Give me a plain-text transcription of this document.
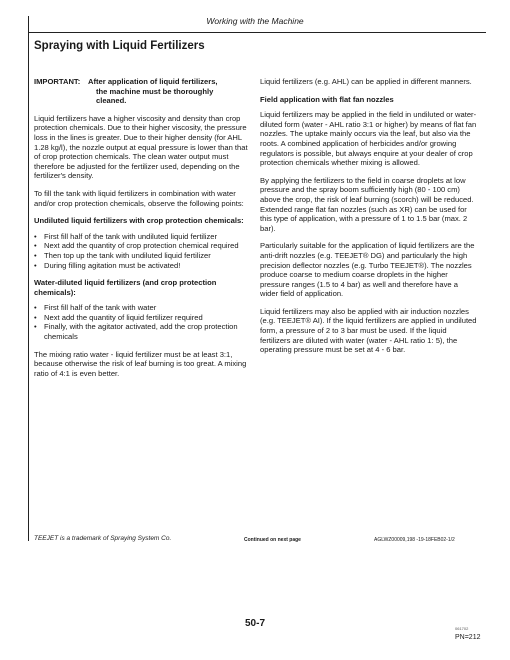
Working with the Machine
Spraying with Liquid Fertilizers
IMPORTANT:	After application of liquid fertilizers,
the machine must be thoroughly
cleaned.

Liquid fertilizers have a higher viscosity and density than crop protection chemicals. Due to their higher viscosity, the pressure loss in the lines is greater. Due to their higher density (for AHL 1.28 kg/l), the nozzle output at equal pressure is lower than that of crop protection chemicals. The clean water output must therefore be adjusted for the fertilizer used, depending on the fertilizer's density.

To fill the tank with liquid fertilizers in combination with water and/or crop protection chemicals, observe the following points:

Undiluted liquid fertilizers with crop protection chemicals:
• First fill half of the tank with undiluted liquid fertilizer
• Next add the quantity of crop protection chemical required
• Then top up the tank with undiluted liquid fertilizer
• During filling agitation must be activated!
Water-diluted liquid fertilizers (and crop protection chemicals):
• First fill half of the tank with water
• Next add the quantity of liquid fertilizer required
• Finally, with the agitator activated, add the crop protection chemicals

The mixing ratio water - liquid fertilizer must be at least 3:1, because otherwise the risk of leaf burning is too great. A mixing ratio of 4:1 is even better.

Liquid fertilizers (e.g. AHL) can be applied in different manners.

Field application with flat fan nozzles

Liquid fertilizers may be applied in the field in undiluted or water-diluted form (water - AHL ratio 3:1 or higher) by means of flat fan nozzles. The uptake mainly occurs via the leaf, but also via the roots. A combined application of herbicides and/or growing regulators is possible, but always enquire at your dealer of crop protection chemicals whether mixing is allowed.

By applying the fertilizers to the field in coarse droplets at low pressure and the spray boom sufficiently high (80 - 100 cm) above the crop, the risk of leaf burning (scorch) will be reduced. Extended range flat fan nozzles (such as XR) can be used for this type of application, with a pressure of 1 to 1.5 bar (max. 2 bar).

Particularly suitable for the application of liquid fertilizers are the anti-drift nozzles (e.g. TEEJET® DG) and particularly the high precision deflector nozzles (e.g. Turbo TEEJET®). The nozzles produce coarse to medium coarse droplets in the higher pressure ranges (1.5 to 4 bar) as well and therefore have a wider field of application.

Liquid fertilizers may also be applied with air induction nozzles (e.g. TEEJET® AI). If the liquid fertilizers are applied in undiluted form, a pressure of 2 to 3 bar must be used. If the liquid fertilizers are diluted with water (water - AHL ratio 1: 5), the operating pressure must be set at 4 - 6 bar.

TEEJET is a trademark of Spraying System Co.	Continued on next page	AGLWZ00009,198 -19-18FEB02-1/2
50-7	061702
PN=212
